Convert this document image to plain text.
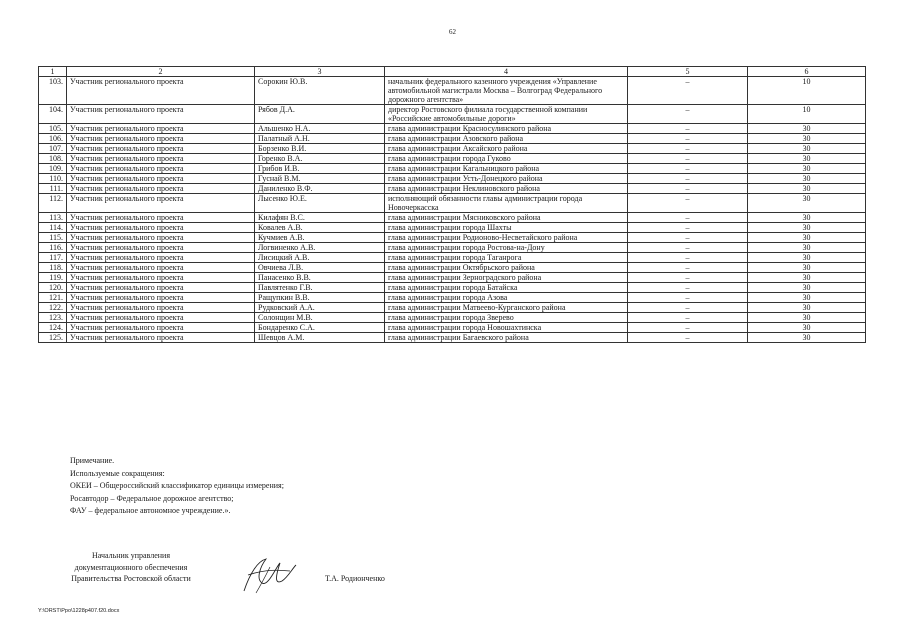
62
1	2	3	4	5	6
103.	Участник регионального проекта	Сорокин Ю.В.	начальник федерального казенного учреждения «Управление автомобильной магистрали Москва – Волгоград Федерального дорожного агентства»	–	10
104.	Участник регионального проекта	Рябов Д.А.	директор Ростовского филиала государственной компании «Российские автомобильные дороги»	–	10
105.	Участник регионального проекта	Альшенко Н.А.	глава администрации Красносулинского района	–	30
106.	Участник регионального проекта	Палатный А.Н.	глава администрации Азовского района	–	30
107.	Участник регионального проекта	Борзенко В.И.	глава администрации Аксайского района	–	30
108.	Участник регионального проекта	Горенко В.А.	глава администрации города Гуково	–	30
109.	Участник регионального проекта	Грибов И.В.	глава администрации Кагальницкого района	–	30
110.	Участник регионального проекта	Гуснай В.М.	глава администрации Усть-Донецкого района	–	30
111.	Участник регионального проекта	Даниленко В.Ф.	глава администрации Неклиновского района	–	30
112.	Участник регионального проекта	Лысенко Ю.Е.	исполняющий обязанности главы администрации города Новочеркасска	–	30
113.	Участник регионального проекта	Килафян В.С.	глава администрации Мясниковского района	–	30
114.	Участник регионального проекта	Ковалев А.В.	глава администрации города Шахты	–	30
115.	Участник регионального проекта	Кучмиев А.В.	глава администрации Родионово-Несветайского района	–	30
116.	Участник регионального проекта	Логвиненко А.В.	глава администрации города Ростова-на-Дону	–	30
117.	Участник регионального проекта	Лисицкий А.В.	глава администрации города Таганрога	–	30
118.	Участник регионального проекта	Овчиева Л.В.	глава администрации Октябрьского района	–	30
119.	Участник регионального проекта	Панасенко В.В.	глава администрации Зерноградского района	–	30
120.	Участник регионального проекта	Павлятенко Г.В.	глава администрации города Батайска	–	30
121.	Участник регионального проекта	Ращупкин В.В.	глава администрации города Азова	–	30
122.	Участник регионального проекта	Рудковский А.А.	глава администрации Матвеево-Курганского района	–	30
123.	Участник регионального проекта	Солонщин М.В.	глава администрации города Зверево	–	30
124.	Участник регионального проекта	Бондаренко С.А.	глава администрации города Новошахтинска	–	30
125.	Участник регионального проекта	Шевцов А.М.	глава администрации Багаевского района	–	30
Примечание.
Используемые сокращения:
ОКЕИ – Общероссийский классификатор единицы измерения;
Росавтодор – Федеральное дорожное агентство;
ФАУ – федеральное автономное учреждение.».
Начальник управления
документационного обеспечения
Правительства Ростовской области	Т.А. Родионченко
Y:\ORST\Ppo\1228p407.f20.docx
